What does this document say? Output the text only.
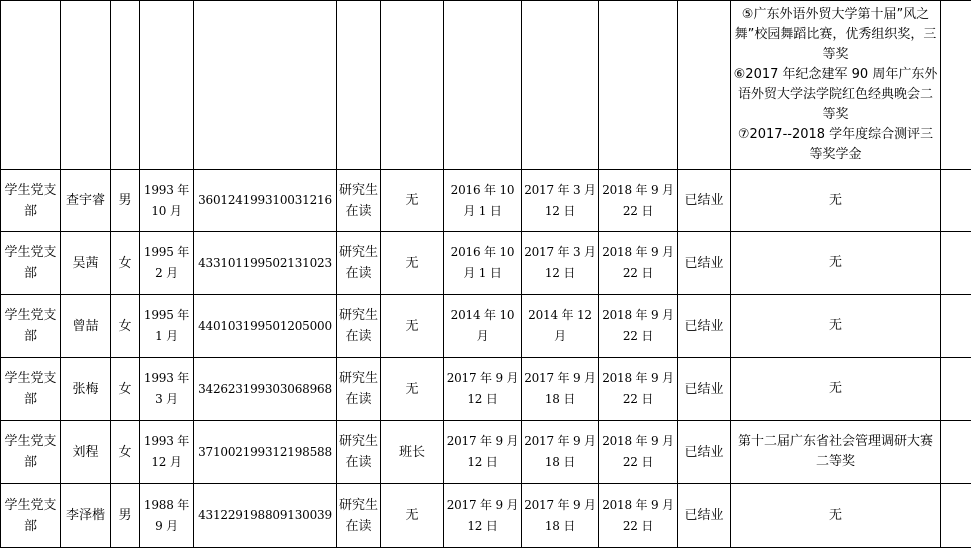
											⑤广东外语外贸大学第十届”风之舞”校园舞蹈比赛，优秀组织奖，三等奖
⑥2017 年纪念建军 90 周年广东外语外贸大学法学院红色经典晚会二等奖
⑦2017--2018 学年度综合测评三等奖学金	

学生党支部	查宇睿	男	1993 年 10 月	360124199310031216	研究生在读	无	2016 年 10 月 1 日	2017 年 3 月 12 日	2018 年 9 月 22 日	已结业	无	
学生党支部	吴茜	女	1995 年 2 月	433101199502131023	研究生在读	无	2016 年 10 月 1 日	2017 年 3 月 12 日	2018 年 9 月 22 日	已结业	无	
学生党支部	曾喆	女	1995 年 1 月	440103199501205000	研究生在读	无	2014 年 10 月	2014 年 12 月	2018 年 9 月 22 日	已结业	无	
学生党支部	张梅	女	1993 年 3 月	342623199303068968	研究生在读	无	2017 年 9 月 12 日	2017 年 9 月 18 日	2018 年 9 月 22 日	已结业	无	
学生党支部	刘程	女	1993 年 12 月	371002199312198588	研究生在读	班长	2017 年 9 月 12 日	2017 年 9 月 18 日	2018 年 9 月 22 日	已结业	第十二届广东省社会管理调研大赛二等奖	
学生党支部	李泽楷	男	1988 年 9 月	431229198809130039	研究生在读	无	2017 年 9 月 12 日	2017 年 9 月 18 日	2018 年 9 月 22 日	已结业	无	
